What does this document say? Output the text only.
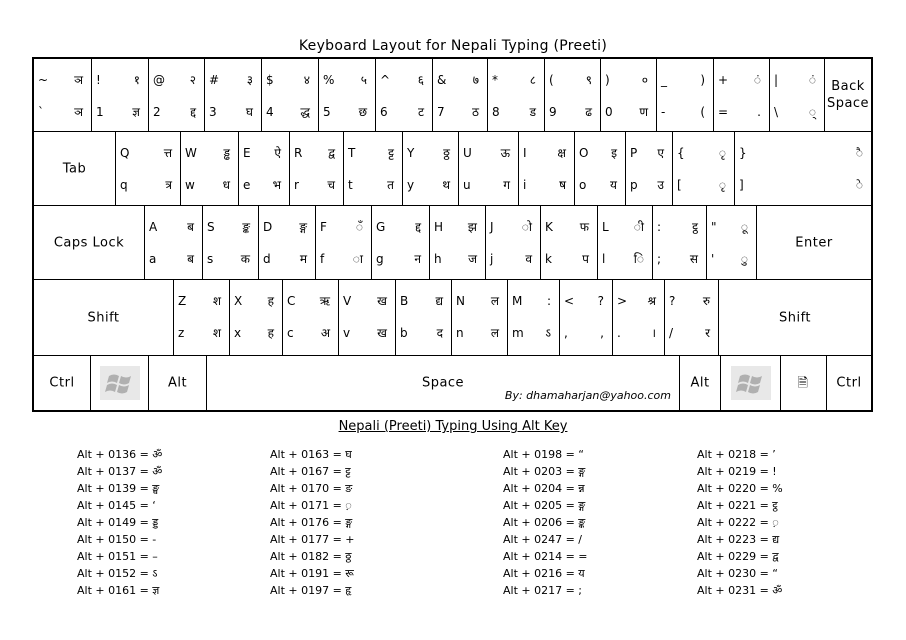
Keyboard Layout for Nepali Typing (Preeti)
~ ञ
`	ञ
!	१
1 ज्ञ
@ २
2 द्द
# ३
3 घ
$	४
4 द्ध
% ५
5 छ
^ ६
6	ट
& ७
7 ठ
*	८
8 ड
(	९
9 ढ
)	०
0 ण
_	)
-	(
+ ं
= .
|	ं
\	्
Back
Space
Tab
Q	त्त
q	त्र
W ड्ढ
w ध
E ऐ
e भ
R द्व
r च
T	ट्ट
t	त
Y ठ्ठ
y थ
U ऊ
u	ग
I	क्ष
i	ष
O इ
o य
P ए
p उ
{	ृ
[	ृ
}	ै
]	े
Caps Lock
A ब
a	ब
S ङ्क
s क
D ङ्ग
d म
F ँ
f ा
G द्द
g	न
H झ
h ज
J ो
j	व
K फ
k	प
L ी
l ि
:	ट्ठ
; स
" ू
' ु
Enter
Shift
Z श
z श
X ह
x ह
C ऋ
c अ
V ख
v ख
B द्य
b द
N ल
n ल
M :
m ऽ
< ?
,	,
> श्र
.	।
? रु
/	र
Shift
Ctrl	Alt	Space
By: dhamaharjan@yahoo.com
Alt	🗎	Ctrl
Nepali (Preeti) Typing Using Alt Key
Alt + 0136 = ॐ
Alt + 0137 = ॐ
Alt + 0139 = ङ्घ
Alt + 0145 = ‘
Alt + 0149 = ड्ड
Alt + 0150 = -
Alt + 0151 = –
Alt + 0152 = ऽ
Alt + 0161 = ज्ञ
Alt + 0163 = घ
Alt + 0167 = ट्ट
Alt + 0170 = ङ
Alt + 0171 = ़
Alt + 0176 = ङ्ग
Alt + 0177 = +
Alt + 0182 = ठ्ठ
Alt + 0191 = रू
Alt + 0197 = हृ
Alt + 0198 = “
Alt + 0203 = ङ्ग
Alt + 0204 = न्न
Alt + 0205 = ङ्ग
Alt + 0206 = ङ्क
Alt + 0247 = /
Alt + 0214 = =
Alt + 0216 = य
Alt + 0217 = ;
Alt + 0218 = ’
Alt + 0219 = !
Alt + 0220 = %
Alt + 0221 = ट्ठ
Alt + 0222 = ़
Alt + 0223 = द्य
Alt + 0229 = द्व
Alt + 0230 = “
Alt + 0231 = ॐ
